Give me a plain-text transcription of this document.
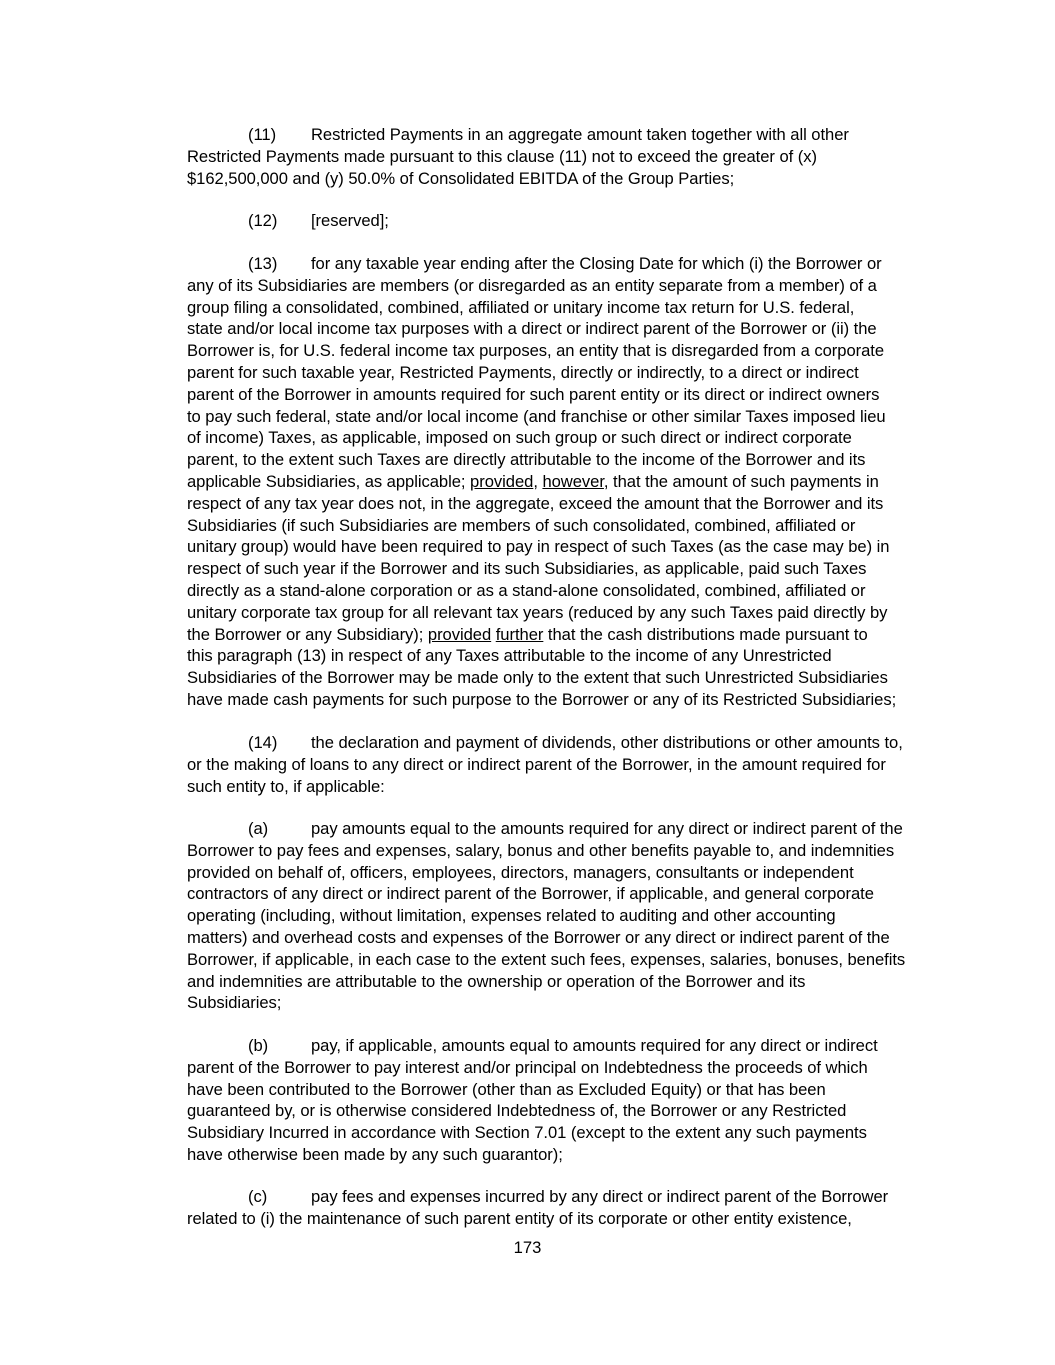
(11) Restricted Payments in an aggregate amount taken together with all other
Restricted Payments made pursuant to this clause (11) not to exceed the greater of (x)
$162,500,000 and (y) 50.0% of Consolidated EBITDA of the Group Parties;

(12) [reserved];

(13) for any taxable year ending after the Closing Date for which (i) the Borrower or
any of its Subsidiaries are members (or disregarded as an entity separate from a member) of a
group filing a consolidated, combined, affiliated or unitary income tax return for U.S. federal,
state and/or local income tax purposes with a direct or indirect parent of the Borrower or (ii) the
Borrower is, for U.S. federal income tax purposes, an entity that is disregarded from a corporate
parent for such taxable year, Restricted Payments, directly or indirectly, to a direct or indirect
parent of the Borrower in amounts required for such parent entity or its direct or indirect owners
to pay such federal, state and/or local income (and franchise or other similar Taxes imposed lieu
of income) Taxes, as applicable, imposed on such group or such direct or indirect corporate
parent, to the extent such Taxes are directly attributable to the income of the Borrower and its
applicable Subsidiaries, as applicable; provided, however, that the amount of such payments in
respect of any tax year does not, in the aggregate, exceed the amount that the Borrower and its
Subsidiaries (if such Subsidiaries are members of such consolidated, combined, affiliated or
unitary group) would have been required to pay in respect of such Taxes (as the case may be) in
respect of such year if the Borrower and its such Subsidiaries, as applicable, paid such Taxes
directly as a stand-alone corporation or as a stand-alone consolidated, combined, affiliated or
unitary corporate tax group for all relevant tax years (reduced by any such Taxes paid directly by
the Borrower or any Subsidiary); provided further that the cash distributions made pursuant to
this paragraph (13) in respect of any Taxes attributable to the income of any Unrestricted
Subsidiaries of the Borrower may be made only to the extent that such Unrestricted Subsidiaries
have made cash payments for such purpose to the Borrower or any of its Restricted Subsidiaries;

(14) the declaration and payment of dividends, other distributions or other amounts to,
or the making of loans to any direct or indirect parent of the Borrower, in the amount required for
such entity to, if applicable:

(a)	pay amounts equal to the amounts required for any direct or indirect parent of the
Borrower to pay fees and expenses, salary, bonus and other benefits payable to, and indemnities
provided on behalf of, officers, employees, directors, managers, consultants or independent
contractors of any direct or indirect parent of the Borrower, if applicable, and general corporate
operating (including, without limitation, expenses related to auditing and other accounting
matters) and overhead costs and expenses of the Borrower or any direct or indirect parent of the
Borrower, if applicable, in each case to the extent such fees, expenses, salaries, bonuses, benefits
and indemnities are attributable to the ownership or operation of the Borrower and its
Subsidiaries;

(b)	pay, if applicable, amounts equal to amounts required for any direct or indirect
parent of the Borrower to pay interest and/or principal on Indebtedness the proceeds of which
have been contributed to the Borrower (other than as Excluded Equity) or that has been
guaranteed by, or is otherwise considered Indebtedness of, the Borrower or any Restricted
Subsidiary Incurred in accordance with Section 7.01 (except to the extent any such payments
have otherwise been made by any such guarantor);

(c)	pay fees and expenses incurred by any direct or indirect parent of the Borrower
related to (i) the maintenance of such parent entity of its corporate or other entity existence,

173
